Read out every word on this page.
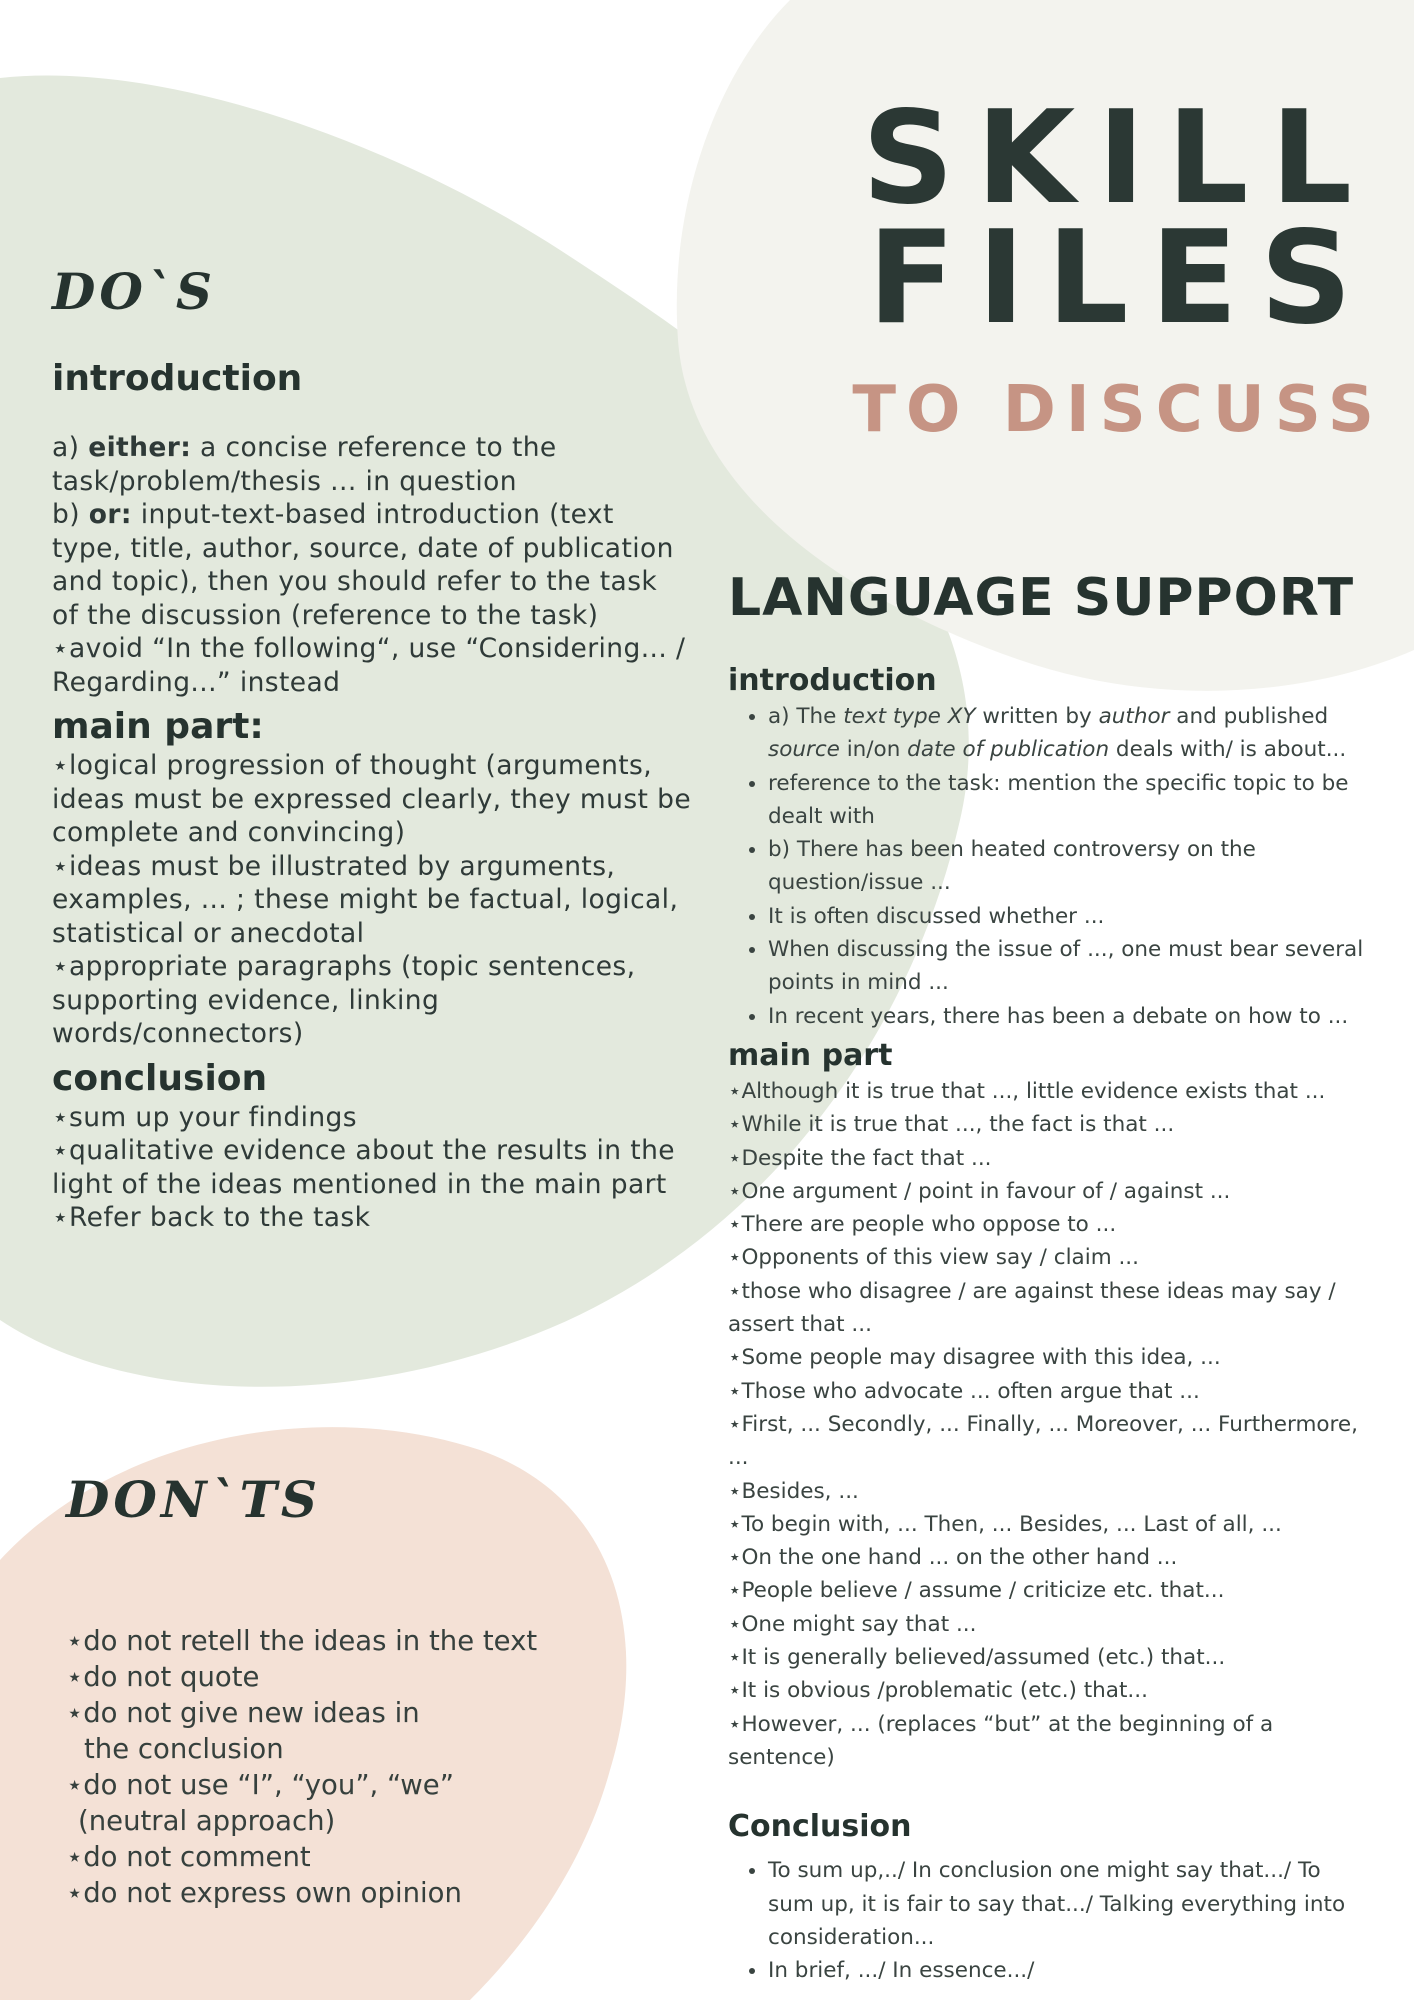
SKILL
FILES
TO DISCUSS
DO`S
introduction

a) either: a concise reference to the task/problem/thesis ... in question

b) or: input-text-based introduction (text type, title, author, source, date of publication and topic), then you should refer to the task of the discussion (reference to the task)

⋆avoid “In the following“, use “Considering... / Regarding...” instead

main part:

⋆logical progression of thought (arguments, ideas must be expressed clearly, they must be complete and convincing)

⋆ideas must be illustrated by arguments, examples, ... ; these might be factual, logical, statistical or anecdotal

⋆appropriate paragraphs (topic sentences, supporting evidence, linking words/connectors)

conclusion

⋆sum up your findings

⋆qualitative evidence about the results in the light of the ideas mentioned in the main part

⋆Refer back to the task

DON`TS

⋆do not retell the ideas in the text

⋆do not quote

⋆do not give new ideas in

the conclusion

⋆do not use “I”, “you”, “we”

(neutral approach)

⋆do not comment

⋆do not express own opinion

LANGUAGE SUPPORT
introduction
• a) The text type XY written by author and published source in/on date of publication deals with/ is about...
• reference to the task: mention the specific topic to be dealt with
• b) There has been heated controversy on the question/issue ...
• It is often discussed whether ...
• When discussing the issue of ..., one must bear several points in mind ...
• In recent years, there has been a debate on how to ...
main part

⋆Although it is true that ..., little evidence exists that ...

⋆While it is true that ..., the fact is that ...

⋆Despite the fact that ...

⋆One argument / point in favour of / against ...

⋆There are people who oppose to ...

⋆Opponents of this view say / claim ...

⋆those who disagree / are against these ideas may say / assert that ...

⋆Some people may disagree with this idea, ...

⋆Those who advocate ... often argue that ...

⋆First, ... Secondly, ... Finally, ... Moreover, ... Furthermore, ...

⋆Besides, ...

⋆To begin with, ... Then, ... Besides, ... Last of all, ...

⋆On the one hand ... on the other hand ...

⋆People believe / assume / criticize etc. that...

⋆One might say that ...

⋆It is generally believed/assumed (etc.) that...

⋆It is obvious /problematic (etc.) that...

⋆However, ... (replaces “but” at the beginning of a sentence)

Conclusion
• To sum up,../ In conclusion one might say that.../ To sum up, it is fair to say that.../ Talking everything into consideration...
• In brief, .../ In essence.../
